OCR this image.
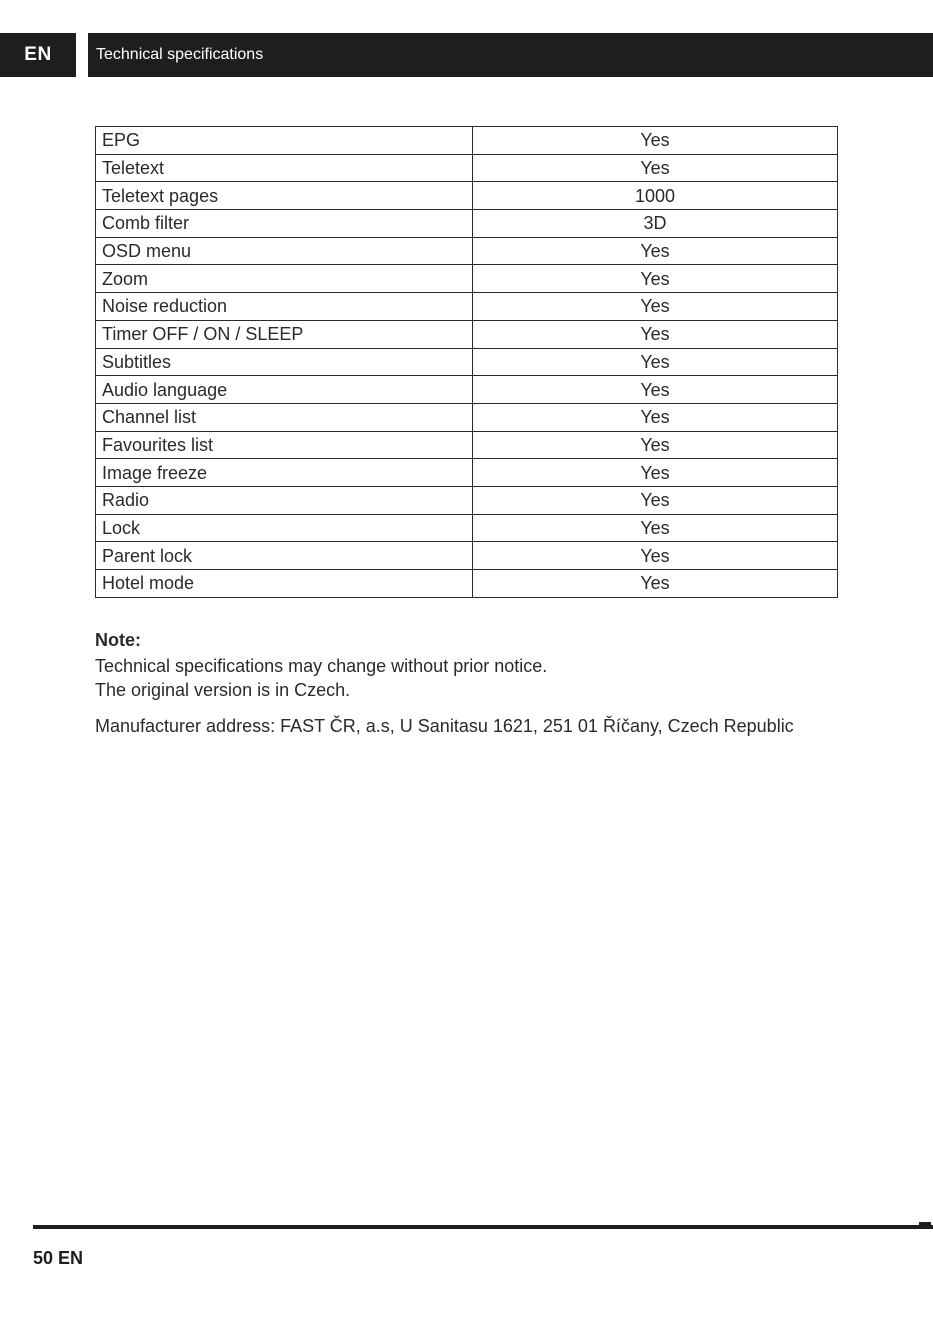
EN	Technical specifications
EPG	Yes
Teletext	Yes
Teletext pages	1000
Comb filter	3D
OSD menu	Yes
Zoom	Yes
Noise reduction	Yes
Timer OFF / ON / SLEEP	Yes
Subtitles	Yes
Audio language	Yes
Channel list	Yes
Favourites list	Yes
Image freeze	Yes
Radio	Yes
Lock	Yes
Parent lock	Yes
Hotel mode	Yes
Note:
Technical specifications may change without prior notice.
The original version is in Czech.
Manufacturer address: FAST ČR, a.s, U Sanitasu 1621, 251 01 Říčany, Czech Republic
50 EN
